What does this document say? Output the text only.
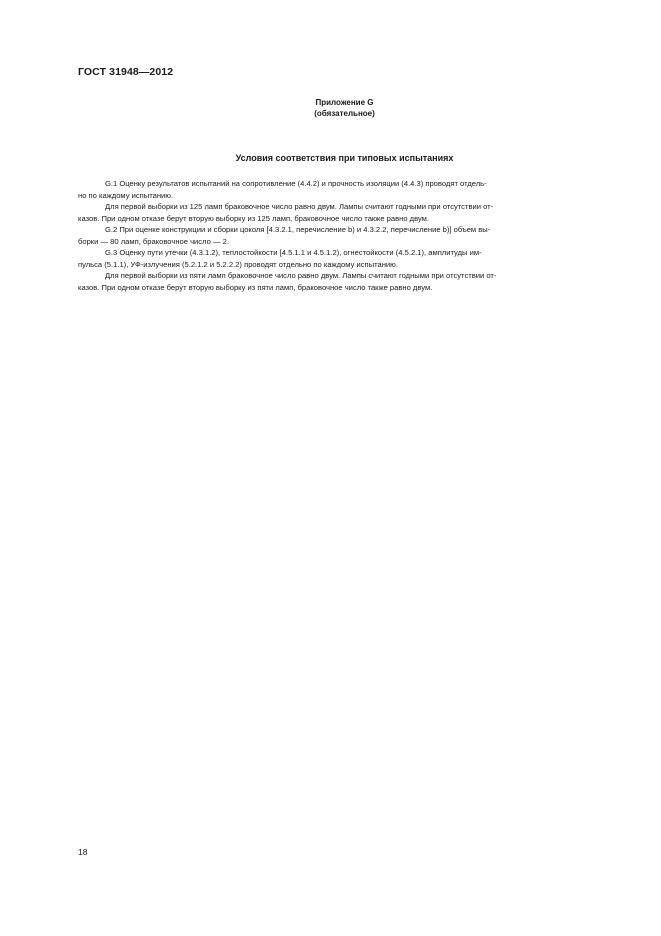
ГОСТ 31948—2012
Приложение G
(обязательное)
Условия соответствия при типовых испытаниях

G.1 Оценку результатов испытаний на сопротивление (4.4.2) и прочность изоляции (4.4.3) проводят отдель-

но по каждому испытанию.

Для первой выборки из 125 ламп браковочное число равно двум. Лампы считают годными при отсутствии от-

казов. При одном отказе берут вторую выборку из 125 ламп, браковочное число также равно двум.

G.2 При оценке конструкции и сборки цоколя [4.3.2.1, перечисление b) и 4.3.2.2, перечисление b)] объем вы-

борки — 80 ламп, браковочное число — 2.

G.3 Оценку пути утечки (4.3.1.2), теплостойкости [4.5.1.1 и 4.5.1.2), огнестойкости (4.5.2.1), амплитуды им-

пульса (5.1.1), УФ-излучения (5.2.1.2 и 5.2.2.2) проводят отдельно по каждому испытанию.

Для первой выборки из пяти ламп браковочное число равно двум. Лампы считают годными при отсутствии от-

казов. При одном отказе берут вторую выборку из пяти ламп, браковочное число также равно двум.

18
